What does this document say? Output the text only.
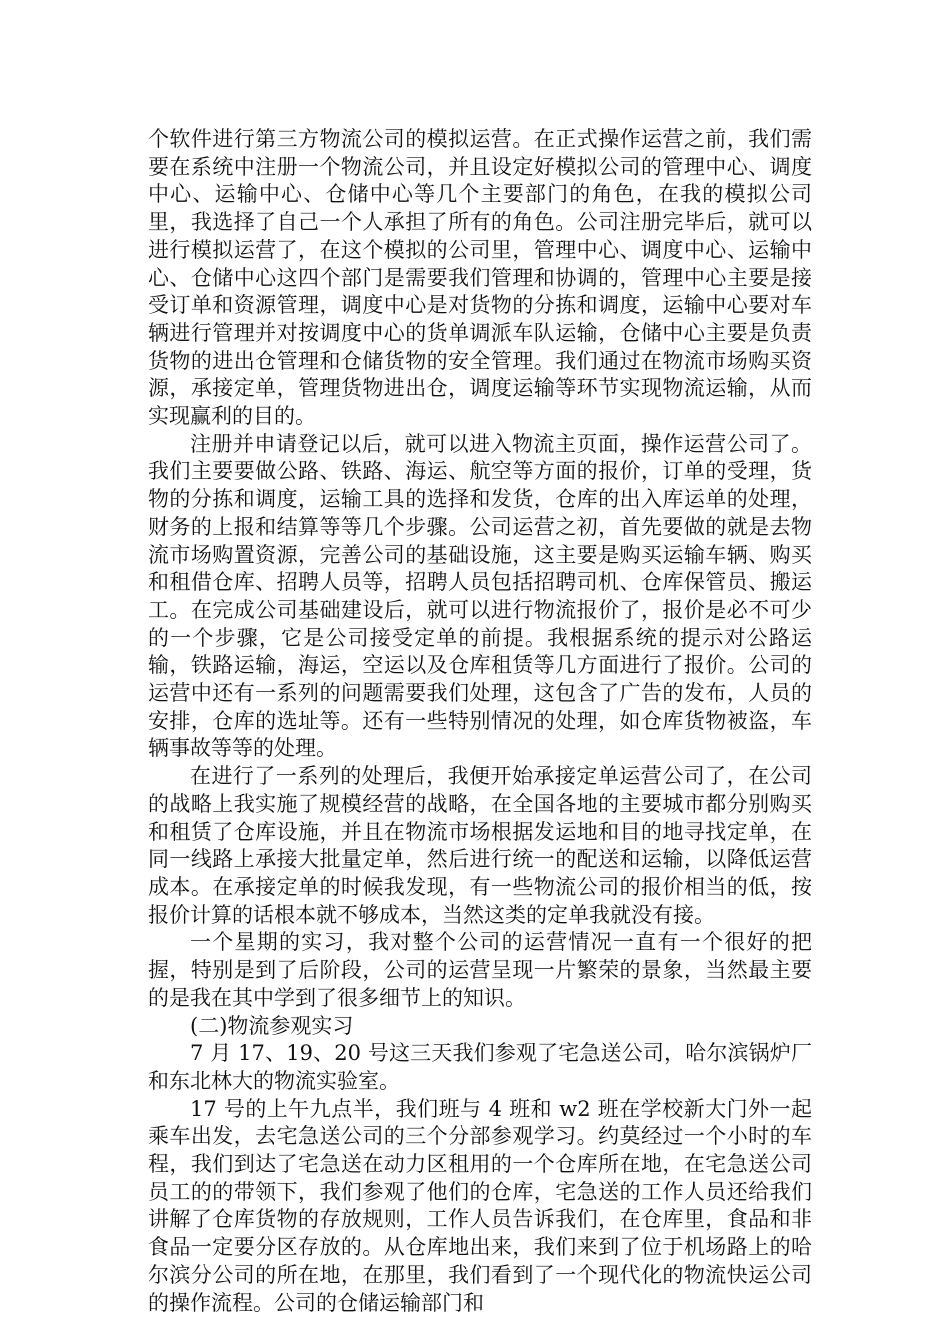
个软件进行第三方物流公司的模拟运营。在正式操作运营之前，我们需要在系统中注册一个物流公司，并且设定好模拟公司的管理中心、调度中心、运输中心、仓储中心等几个主要部门的角色，在我的模拟公司里，我选择了自己一个人承担了所有的角色。公司注册完毕后，就可以进行模拟运营了，在这个模拟的公司里，管理中心、调度中心、运输中心、仓储中心这四个部门是需要我们管理和协调的，管理中心主要是接受订单和资源管理，调度中心是对货物的分拣和调度，运输中心要对车辆进行管理并对按调度中心的货单调派车队运输，仓储中心主要是负责货物的进出仓管理和仓储货物的安全管理。我们通过在物流市场购买资源，承接定单，管理货物进出仓，调度运输等环节实现物流运输，从而实现赢利的目的。

注册并申请登记以后，就可以进入物流主页面，操作运营公司了。我们主要要做公路、铁路、海运、航空等方面的报价，订单的受理，货物的分拣和调度，运输工具的选择和发货，仓库的出入库运单的处理，财务的上报和结算等等几个步骤。公司运营之初，首先要做的就是去物流市场购置资源，完善公司的基础设施，这主要是购买运输车辆、购买和租借仓库、招聘人员等，招聘人员包括招聘司机、仓库保管员、搬运工。在完成公司基础建设后，就可以进行物流报价了，报价是必不可少的一个步骤，它是公司接受定单的前提。我根据系统的提示对公路运输，铁路运输，海运，空运以及仓库租赁等几方面进行了报价。公司的运营中还有一系列的问题需要我们处理，这包含了广告的发布，人员的安排，仓库的选址等。还有一些特别情况的处理，如仓库货物被盗，车辆事故等等的处理。

在进行了一系列的处理后，我便开始承接定单运营公司了，在公司的战略上我实施了规模经营的战略，在全国各地的主要城市都分别购买和租赁了仓库设施，并且在物流市场根据发运地和目的地寻找定单，在同一线路上承接大批量定单，然后进行统一的配送和运输，以降低运营成本。在承接定单的时候我发现，有一些物流公司的报价相当的低，按报价计算的话根本就不够成本，当然这类的定单我就没有接。

一个星期的实习，我对整个公司的运营情况一直有一个很好的把握，特别是到了后阶段，公司的运营呈现一片繁荣的景象，当然最主要的是我在其中学到了很多细节上的知识。

(二)物流参观实习

7 月 17、19、20 号这三天我们参观了宅急送公司，哈尔滨锅炉厂和东北林大的物流实验室。

17 号的上午九点半，我们班与 4 班和 w2 班在学校新大门外一起乘车出发，去宅急送公司的三个分部参观学习。约莫经过一个小时的车程，我们到达了宅急送在动力区租用的一个仓库所在地，在宅急送公司员工的的带领下，我们参观了他们的仓库，宅急送的工作人员还给我们讲解了仓库货物的存放规则，工作人员告诉我们，在仓库里，食品和非食品一定要分区存放的。从仓库地出来，我们来到了位于机场路上的哈尔滨分公司的所在地，在那里，我们看到了一个现代化的物流快运公司的操作流程。公司的仓储运输部门和
